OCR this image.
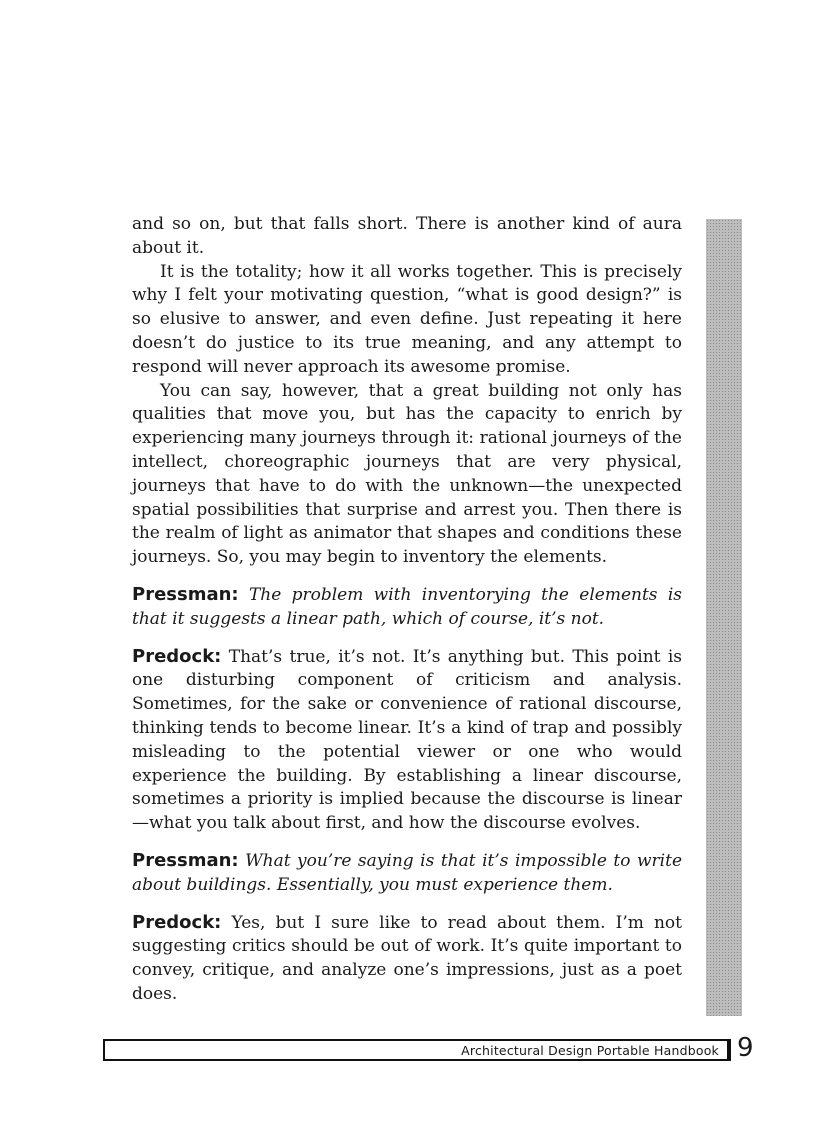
and so on, but that falls short. There is another kind of aura about it.

It is the totality; how it all works together. This is precisely why I felt your motivating question, “what is good design?” is so elusive to answer, and even define. Just repeating it here doesn’t do justice to its true meaning, and any attempt to respond will never approach its awesome promise.

You can say, however, that a great building not only has qualities that move you, but has the capacity to enrich by experiencing many journeys through it: rational journeys of the intellect, choreographic journeys that are very physical, journeys that have to do with the unknown—the unexpected spatial possibilities that surprise and arrest you. Then there is the realm of light as animator that shapes and conditions these journeys. So, you may begin to inventory the elements.

Pressman: The problem with inventorying the elements is that it suggests a linear path, which of course, it’s not.

Predock: That’s true, it’s not. It’s anything but. This point is one disturbing component of criticism and analysis. Sometimes, for the sake or convenience of rational discourse, thinking tends to become linear. It’s a kind of trap and possibly misleading to the potential viewer or one who would experience the building. By establishing a linear discourse, sometimes a priority is implied because the discourse is linear—what you talk about first, and how the discourse evolves.

Pressman: What you’re saying is that it’s impossible to write about buildings. Essentially, you must experience them.

Predock: Yes, but I sure like to read about them. I’m not suggesting critics should be out of work. It’s quite important to convey, critique, and analyze one’s impressions, just as a poet does.

Architectural Design Portable Handbook 9
